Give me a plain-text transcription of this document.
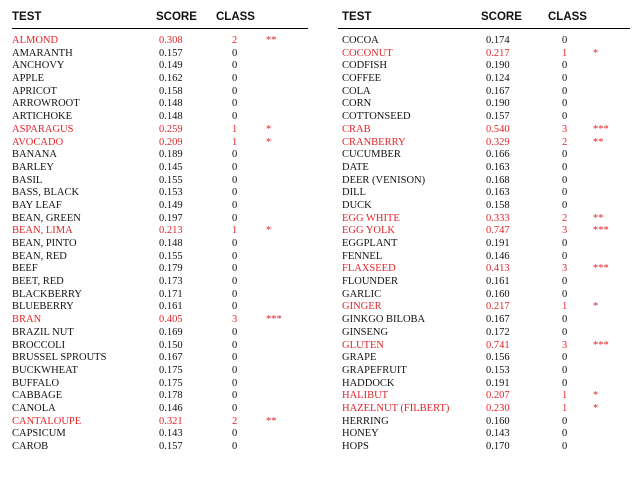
TEST	SCORE CLASS
ALMOND	0.308	2	**
AMARANTH	0.157	0
ANCHOVY	0.149	0
APPLE	0.162	0
APRICOT	0.158	0
ARROWROOT	0.148	0
ARTICHOKE	0.148	0
ASPARAGUS	0.259	1	*
AVOCADO	0.209	1	*
BANANA	0.189	0
BARLEY	0.145	0
BASIL	0.155	0
BASS, BLACK	0.153	0
BAY LEAF	0.149	0
BEAN, GREEN	0.197	0
BEAN, LIMA	0.213	1	*
BEAN, PINTO	0.148	0
BEAN, RED	0.155	0
BEEF	0.179	0
BEET, RED	0.173	0
BLACKBERRY	0.171	0
BLUEBERRY	0.161	0
BRAN	0.405	3	***
BRAZIL NUT	0.169	0
BROCCOLI	0.150	0
BRUSSEL SPROUTS	0.167	0
BUCKWHEAT	0.175	0
BUFFALO	0.175	0
CABBAGE	0.178	0
CANOLA	0.146	0
CANTALOUPE	0.321	2	**
CAPSICUM	0.143	0
CAROB	0.157	0
TEST	SCORE CLASS
COCOA	0.174	0
COCONUT	0.217	1 *
CODFISH	0.190	0
COFFEE	0.124	0
COLA	0.167	0
CORN	0.190	0
COTTONSEED	0.157	0
CRAB	0.540	3 ***
CRANBERRY	0.329	2 **
CUCUMBER	0.166	0
DATE	0.163	0
DEER (VENISON)	0.168	0
DILL	0.163	0
DUCK	0.158	0
EGG WHITE	0.333	2 **
EGG YOLK	0.747	3 ***
EGGPLANT	0.191	0
FENNEL	0.146	0
FLAXSEED	0.413	3 ***
FLOUNDER	0.161	0
GARLIC	0.160	0
GINGER	0.217	1 *
GINKGO BILOBA	0.167	0
GINSENG	0.172	0
GLUTEN	0.741	3 ***
GRAPE	0.156	0
GRAPEFRUIT	0.153	0
HADDOCK	0.191	0
HALIBUT	0.207	1 *
HAZELNUT (FILBERT)	0.230	1 *
HERRING	0.160	0
HONEY	0.143	0
HOPS	0.170	0
